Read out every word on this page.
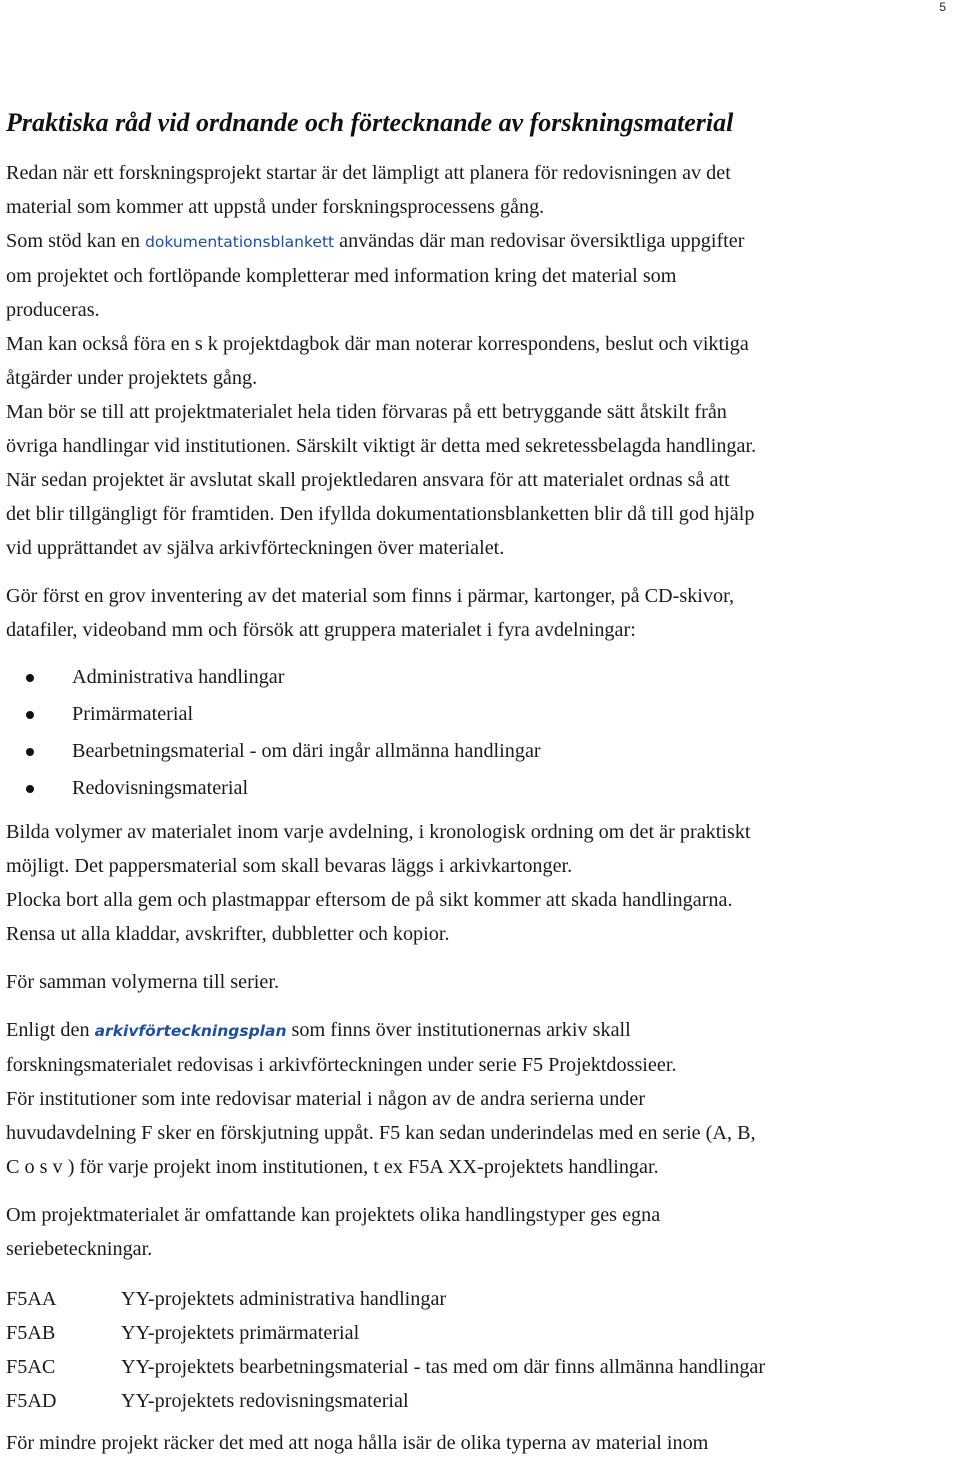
5
Praktiska råd vid ordnande och förtecknande av forskningsmaterial
Redan när ett forskningsprojekt startar är det lämpligt att planera för redovisningen av det
material som kommer att uppstå under forskningsprocessens gång.
Som stöd kan en dokumentationsblankett användas där man redovisar översiktliga uppgifter
om projektet och fortlöpande kompletterar med information kring det material som
produceras.
Man kan också föra en s k projektdagbok där man noterar korrespondens, beslut och viktiga
åtgärder under projektets gång.
Man bör se till att projektmaterialet hela tiden förvaras på ett betryggande sätt åtskilt från
övriga handlingar vid institutionen. Särskilt viktigt är detta med sekretessbelagda handlingar.
När sedan projektet är avslutat skall projektledaren ansvara för att materialet ordnas så att
det blir tillgängligt för framtiden. Den ifyllda dokumentationsblanketten blir då till god hjälp
vid upprättandet av själva arkivförteckningen över materialet.
Gör först en grov inventering av det material som finns i pärmar, kartonger, på CD-skivor,
datafiler, videoband mm och försök att gruppera materialet i fyra avdelningar:
Administrativa handlingar
Primärmaterial
Bearbetningsmaterial - om däri ingår allmänna handlingar
Redovisningsmaterial
Bilda volymer av materialet inom varje avdelning, i kronologisk ordning om det är praktiskt
möjligt. Det pappersmaterial som skall bevaras läggs i arkivkartonger.
Plocka bort alla gem och plastmappar eftersom de på sikt kommer att skada handlingarna.
Rensa ut alla kladdar, avskrifter, dubbletter och kopior.
För samman volymerna till serier.
Enligt den arkivförteckningsplan som finns över institutionernas arkiv skall
forskningsmaterialet redovisas i arkivförteckningen under serie F5 Projektdossieer.
För institutioner som inte redovisar material i någon av de andra serierna under
huvudavdelning F sker en förskjutning uppåt. F5 kan sedan underindelas med en serie (A, B,
C o s v ) för varje projekt inom institutionen, t ex F5A XX-projektets handlingar.
Om projektmaterialet är omfattande kan projektets olika handlingstyper ges egna
seriebeteckningar.
F5AA	YY-projektets administrativa handlingar
F5AB	YY-projektets primärmaterial
F5AC	YY-projektets bearbetningsmaterial - tas med om där finns allmänna handlingar
F5AD	YY-projektets redovisningsmaterial
För mindre projekt räcker det med att noga hålla isär de olika typerna av material inom
